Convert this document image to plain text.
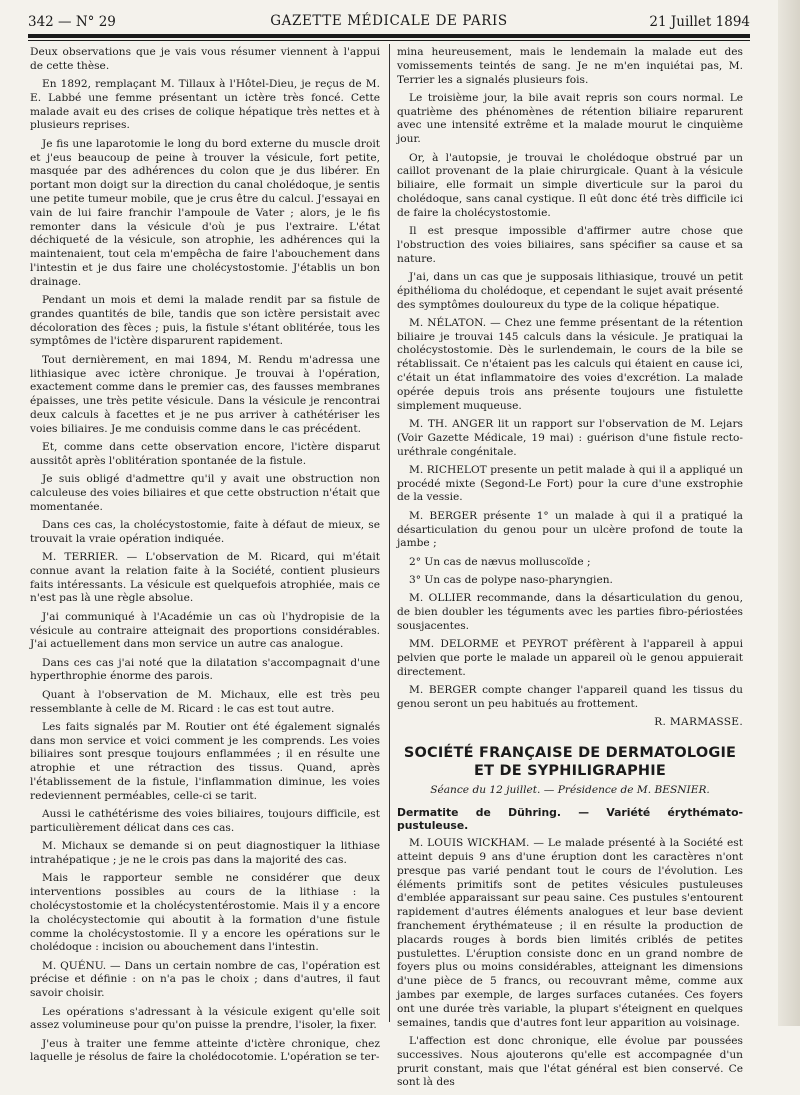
342 — N° 29	GAZETTE MÉDICALE DE PARIS	21 Juillet 1894

Deux observations que je vais vous résumer viennent à l'appui de cette thèse.

En 1892, remplaçant M. Tillaux à l'Hôtel-Dieu, je reçus de M. E. Labbé une femme présentant un ictère très foncé. Cette malade avait eu des crises de colique hépatique très nettes et à plusieurs reprises.

Je fis une laparotomie le long du bord externe du muscle droit et j'eus beaucoup de peine à trouver la vésicule, fort petite, masquée par des adhérences du colon que je dus libérer. En portant mon doigt sur la direction du canal cholédoque, je sentis une petite tumeur mobile, que je crus être du calcul. J'essayai en vain de lui faire franchir l'ampoule de Vater ; alors, je le fis remonter dans la vésicule d'où je pus l'extraire. L'état déchiqueté de la vésicule, son atrophie, les adhérences qui la maintenaient, tout cela m'empêcha de faire l'abouchement dans l'intestin et je dus faire une cholécystostomie. J'établis un bon drainage.

Pendant un mois et demi la malade rendit par sa fistule de grandes quantités de bile, tandis que son ictère persistait avec décoloration des fèces ; puis, la fistule s'étant oblitérée, tous les symptômes de l'ictère disparurent rapidement.

Tout dernièrement, en mai 1894, M. Rendu m'adressa une lithiasique avec ictère chronique. Je trouvai à l'opération, exactement comme dans le premier cas, des fausses membranes épaisses, une très petite vésicule. Dans la vésicule je rencontrai deux calculs à facettes et je ne pus arriver à cathétériser les voies biliaires. Je me conduisis comme dans le cas précédent.

Et, comme dans cette observation encore, l'ictère disparut aussitôt après l'oblitération spontanée de la fistule.

Je suis obligé d'admettre qu'il y avait une obstruction non calculeuse des voies biliaires et que cette obstruction n'était que momentanée.

Dans ces cas, la cholécystostomie, faite à défaut de mieux, se trouvait la vraie opération indiquée.

M. TERRIER. — L'observation de M. Ricard, qui m'était connue avant la relation faite à la Société, contient plusieurs faits intéressants. La vésicule est quelquefois atrophiée, mais ce n'est pas là une règle absolue.

J'ai communiqué à l'Académie un cas où l'hydropisie de la vésicule au contraire atteignait des proportions considérables. J'ai actuellement dans mon service un autre cas analogue.

Dans ces cas j'ai noté que la dilatation s'accompagnait d'une hyperthrophie énorme des parois.

Quant à l'observation de M. Michaux, elle est très peu ressemblante à celle de M. Ricard : le cas est tout autre.

Les faits signalés par M. Routier ont été également signalés dans mon service et voici comment je les comprends. Les voies biliaires sont presque toujours enflammées ; il en résulte une atrophie et une rétraction des tissus. Quand, après l'établissement de la fistule, l'inflammation diminue, les voies redeviennent perméables, celle-ci se tarit.

Aussi le cathétérisme des voies biliaires, toujours difficile, est particulièrement délicat dans ces cas.

M. Michaux se demande si on peut diagnostiquer la lithiase intrahépatique ; je ne le crois pas dans la majorité des cas.

Mais le rapporteur semble ne considérer que deux interventions possibles au cours de la lithiase : la cholécystostomie et la cholécystentérostomie. Mais il y a encore la cholécystectomie qui aboutit à la formation d'une fistule comme la cholécystostomie. Il y a encore les opérations sur le cholédoque : incision ou abouchement dans l'intestin.

M. QUÉNU. — Dans un certain nombre de cas, l'opération est précise et définie : on n'a pas le choix ; dans d'autres, il faut savoir choisir.

Les opérations s'adressant à la vésicule exigent qu'elle soit assez volumineuse pour qu'on puisse la prendre, l'isoler, la fixer.

J'eus à traiter une femme atteinte d'ictère chronique, chez laquelle je résolus de faire la cholédocotomie. L'opération se ter-

mina heureusement, mais le lendemain la malade eut des vomissements teintés de sang. Je ne m'en inquiétai pas, M. Terrier les a signalés plusieurs fois.

Le troisième jour, la bile avait repris son cours normal. Le quatrième des phénomènes de rétention biliaire reparurent avec une intensité extrême et la malade mourut le cinquième jour.

Or, à l'autopsie, je trouvai le cholédoque obstrué par un caillot provenant de la plaie chirurgicale. Quant à la vésicule biliaire, elle formait un simple diverticule sur la paroi du cholédoque, sans canal cystique. Il eût donc été très difficile ici de faire la cholécystostomie.

Il est presque impossible d'affirmer autre chose que l'obstruction des voies biliaires, sans spécifier sa cause et sa nature.

J'ai, dans un cas que je supposais lithiasique, trouvé un petit épithélioma du cholédoque, et cependant le sujet avait présenté des symptômes douloureux du type de la colique hépatique.

M. NÉLATON. — Chez une femme présentant de la rétention biliaire je trouvai 145 calculs dans la vésicule. Je pratiquai la cholécystostomie. Dès le surlendemain, le cours de la bile se rétablissait. Ce n'étaient pas les calculs qui étaient en cause ici, c'était un état inflammatoire des voies d'excrétion. La malade opérée depuis trois ans présente toujours une fistulette simplement muqueuse.

M. TH. ANGER lit un rapport sur l'observation de M. Lejars (Voir Gazette Médicale, 19 mai) : guérison d'une fistule recto-uréthrale congénitale.

M. RICHELOT presente un petit malade à qui il a appliqué un procédé mixte (Segond-Le Fort) pour la cure d'une exstrophie de la vessie.

M. BERGER présente 1° un malade à qui il a pratiqué la désarticulation du genou pour un ulcère profond de toute la jambe ;

2° Un cas de nævus molluscoïde ;

3° Un cas de polype naso-pharyngien.

M. OLLIER recommande, dans la désarticulation du genou, de bien doubler les téguments avec les parties fibro-périostées sousjacentes.

MM. DELORME et PEYROT préfèrent à l'appareil à appui pelvien que porte le malade un appareil où le genou appuierait directement.

M. BERGER compte changer l'appareil quand les tissus du genou seront un peu habitués au frottement.

R. MARMASSE.
SOCIÉTÉ FRANÇAISE DE DERMATOLOGIE
ET DE SYPHILIGRAPHIE
Séance du 12 juillet. — Présidence de M. BESNIER.
Dermatite de Dühring. — Variété érythémato-pustuleuse.

M. LOUIS WICKHAM. — Le malade présenté à la Société est atteint depuis 9 ans d'une éruption dont les caractères n'ont presque pas varié pendant tout le cours de l'évolution. Les éléments primitifs sont de petites vésicules pustuleuses d'emblée apparaissant sur peau saine. Ces pustules s'entourent rapidement d'autres éléments analogues et leur base devient franchement érythémateuse ; il en résulte la production de placards rouges à bords bien limités criblés de petites pustulettes. L'éruption consiste donc en un grand nombre de foyers plus ou moins considérables, atteignant les dimensions d'une pièce de 5 francs, ou recouvrant même, comme aux jambes par exemple, de larges surfaces cutanées. Ces foyers ont une durée très variable, la plupart s'éteignent en quelques semaines, tandis que d'autres font leur apparition au voisinage.

L'affection est donc chronique, elle évolue par poussées successives. Nous ajouterons qu'elle est accompagnée d'un prurit constant, mais que l'état général est bien conservé. Ce sont là des
